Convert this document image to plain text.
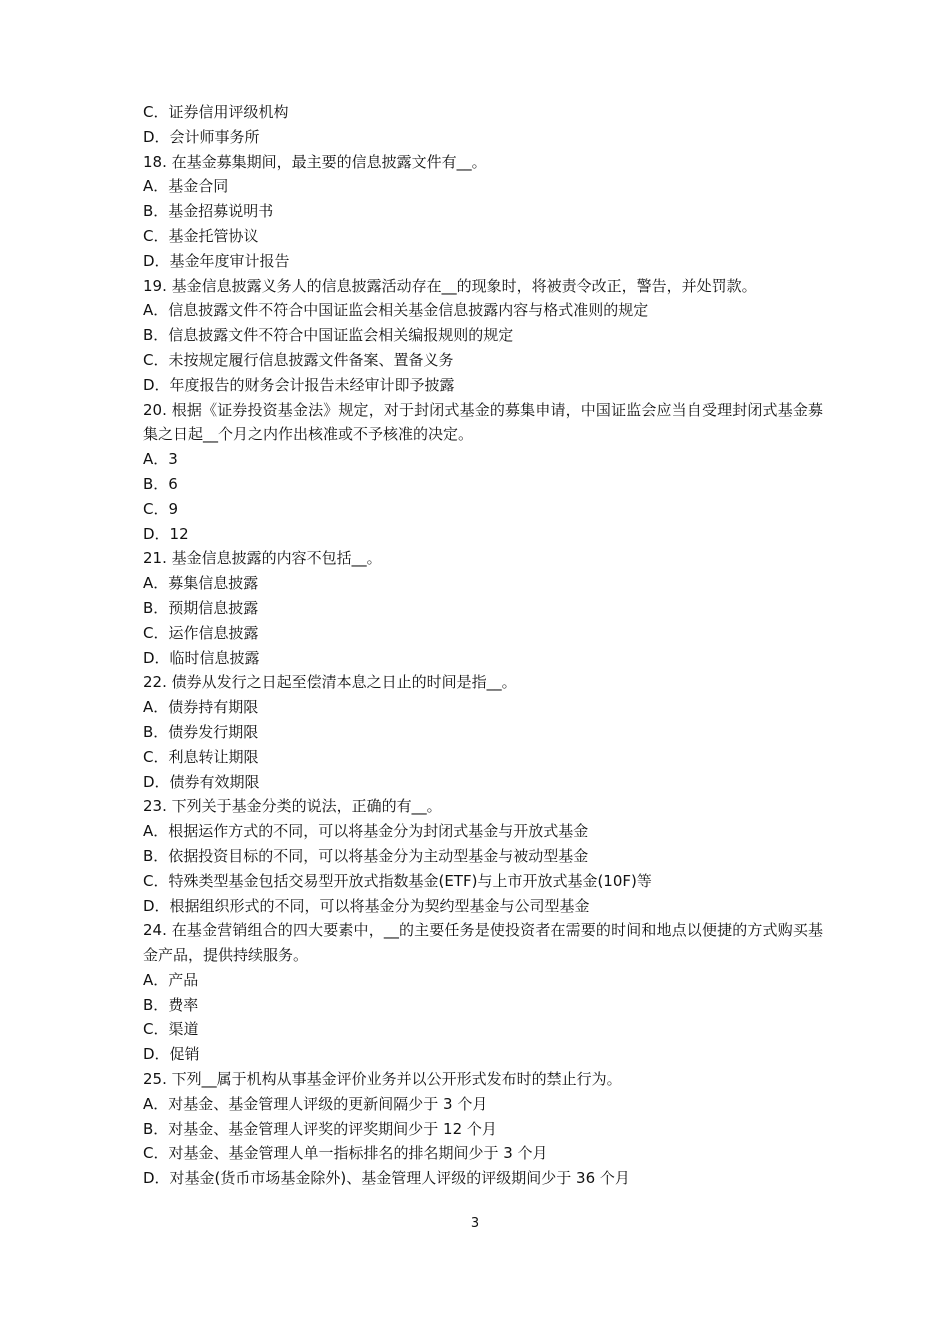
C．证券信用评级机构
D．会计师事务所
18. 在基金募集期间，最主要的信息披露文件有__。
A．基金合同
B．基金招募说明书
C．基金托管协议
D．基金年度审计报告
19. 基金信息披露义务人的信息披露活动存在__的现象时，将被责令改正，警告，并处罚款。
A．信息披露文件不符合中国证监会相关基金信息披露内容与格式准则的规定
B．信息披露文件不符合中国证监会相关编报规则的规定
C．未按规定履行信息披露文件备案、置备义务
D．年度报告的财务会计报告未经审计即予披露
20. 根据《证券投资基金法》规定，对于封闭式基金的募集申请，中国证监会应当自受理封闭式基金募集之日起__个月之内作出核准或不予核准的决定。
A．3
B．6
C．9
D．12
21. 基金信息披露的内容不包括__。
A．募集信息披露
B．预期信息披露
C．运作信息披露
D．临时信息披露
22. 债券从发行之日起至偿清本息之日止的时间是指__。
A．债券持有期限
B．债券发行期限
C．利息转让期限
D．债券有效期限
23. 下列关于基金分类的说法，正确的有__。
A．根据运作方式的不同，可以将基金分为封闭式基金与开放式基金
B．依据投资目标的不同，可以将基金分为主动型基金与被动型基金
C．特殊类型基金包括交易型开放式指数基金(ETF)与上市开放式基金(10F)等
D．根据组织形式的不同，可以将基金分为契约型基金与公司型基金
24. 在基金营销组合的四大要素中，__的主要任务是使投资者在需要的时间和地点以便捷的方式购买基金产品，提供持续服务。
A．产品
B．费率
C．渠道
D．促销
25. 下列__属于机构从事基金评价业务并以公开形式发布时的禁止行为。
A．对基金、基金管理人评级的更新间隔少于 3 个月
B．对基金、基金管理人评奖的评奖期间少于 12 个月
C．对基金、基金管理人单一指标排名的排名期间少于 3 个月
D．对基金(货币市场基金除外)、基金管理人评级的评级期间少于 36 个月
3
